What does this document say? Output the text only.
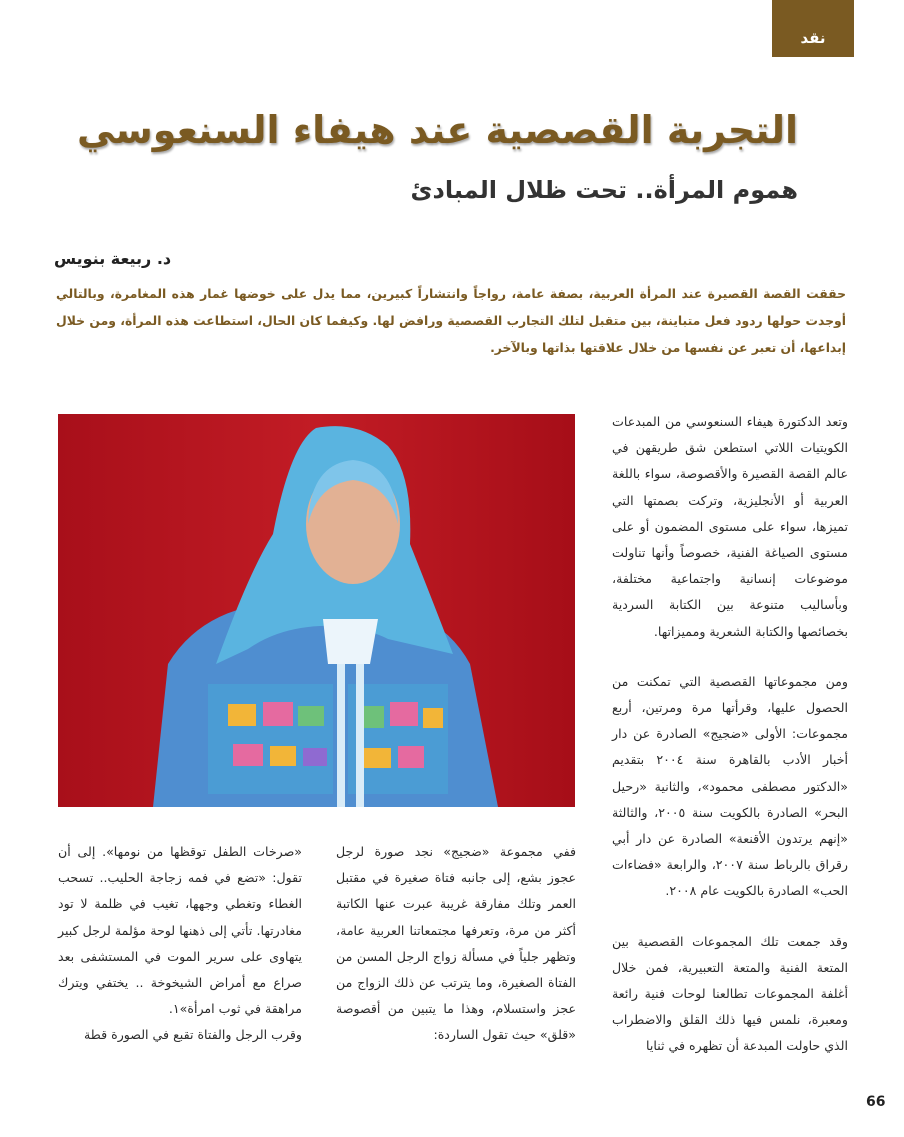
نقد
التجربة القصصية عند هيفاء السنعوسي
هموم المرأة.. تحت ظلال المبادئ
د. ربيعة بنويس

حققت القصة القصيرة عند المرأة العربية، بصفة عامة، رواجاً وانتشاراً كبيرين، مما يدل على خوضها غمار هذه المغامرة، وبالتالي أوجدت حولها ردود فعل متباينة، بين متقبل لتلك التجارب القصصية ورافض لها. وكيفما كان الحال، استطاعت هذه المرأة، ومن خلال إبداعها، أن تعبر عن نفسها من خلال علاقتها بذاتها وبالآخر.

وتعد الدكتورة هيفاء السنعوسي من المبدعات الكويتيات اللاتي استطعن شق طريقهن في عالم القصة القصيرة والأقصوصة، سواء باللغة العربية أو الأنجليزية، وتركت بصمتها التي تميزها، سواء على مستوى المضمون أو على مستوى الصياغة الفنية، خصوصاً وأنها تناولت موضوعات إنسانية واجتماعية مختلفة، وبأساليب متنوعة بين الكتابة السردية بخصائصها والكتابة الشعرية ومميزاتها.

ومن مجموعاتها القصصية التي تمكنت من الحصول عليها، وقرأتها مرة ومرتين، أربع مجموعات: الأولى «ضجيج» الصادرة عن دار أخبار الأدب بالقاهرة سنة ٢٠٠٤ بتقديم «الدكتور مصطفى محمود»، والثانية «رحيل البحر» الصادرة بالكويت سنة ٢٠٠٥، والثالثة «إنهم يرتدون الأقنعة» الصادرة عن دار أبي رقراق بالرباط سنة ٢٠٠٧، والرابعة «فضاءات الحب» الصادرة بالكويت عام ٢٠٠٨.

وقد جمعت تلك المجموعات القصصية بين المتعة الفنية والمتعة التعبيرية، فمن خلال أغلفة المجموعات تطالعنا لوحات فنية رائعة ومعبرة، نلمس فيها ذلك القلق والاضطراب الذي حاولت المبدعة أن تظهره في ثنايا

ففي مجموعة «ضجيج» نجد صورة لرجل عجوز بشع، إلى جانبه فتاة صغيرة في مقتبل العمر وتلك مفارقة غريبة عبرت عنها الكاتبة أكثر من مرة، وتعرفها مجتمعاتنا العربية عامة، وتظهر جلياً في مسألة زواج الرجل المسن من الفتاة الصغيرة، وما يترتب عن ذلك الزواج من عجز واستسلام، وهذا ما يتبين من أقصوصة «قلق» حيث تقول الساردة:

«صرخات الطفل توقظها من نومها». إلى أن تقول: «تضع في فمه زجاجة الحليب.. تسحب الغطاء وتغطي وجهها، تغيب في ظلمة لا تود مغادرتها. تأتي إلى ذهنها لوحة مؤلمة لرجل كبير يتهاوى على سرير الموت في المستشفى بعد صراع مع أمراض الشيخوخة .. يختفي ويترك مراهقة في ثوب امرأة»١.

وقرب الرجل والفتاة تقبع في الصورة قطة

66
